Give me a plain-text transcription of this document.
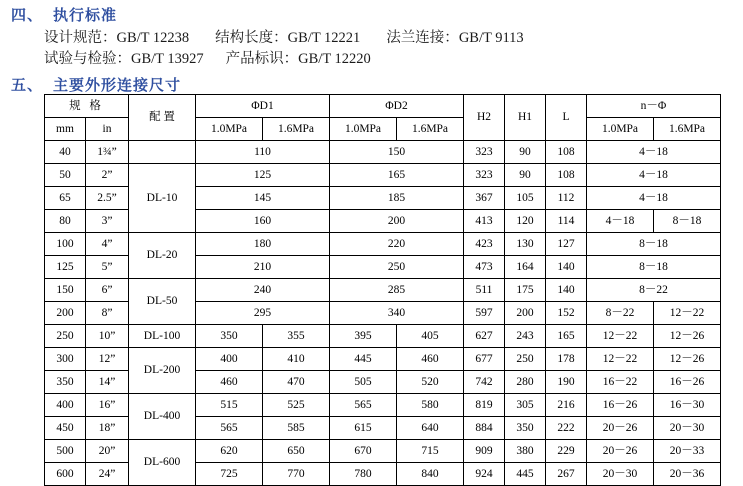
四、 执行标准
设计规范：GB/T 12238 结构长度：GB/T 12221 法兰连接：GB/T 9113
试验与检验：GB/T 13927 产品标识：GB/T 12220
五、 主要外形连接尺寸
规 格		配 置	ΦD1		ΦD2		H2	H1	L	n－Φ	
mm	in		1.0MPa	1.6MPa	1.0MPa	1.6MPa				1.0MPa	1.6MPa
40	1¾”		110		150		323	90	108	4－18	
50	2”	DL-10	125		165		323	90	108	4－18	
65	2.5”		145		185		367	105	112	4－18	
80	3”		160		200		413	120	114	4－18	8－18
100	4”	DL-20	180		220		423	130	127	8－18	
125	5”		210		250		473	164	140	8－18	
150	6”	DL-50	240		285		511	175	140	8－22	
200	8”		295		340		597	200	152	8－22	12－22
250	10”	DL-100	350	355	395	405	627	243	165	12－22	12－26
300	12”	DL-200	400	410	445	460	677	250	178	12－22	12－26
350	14”		460	470	505	520	742	280	190	16－22	16－26
400	16”	DL-400	515	525	565	580	819	305	216	16－26	16－30
450	18”		565	585	615	640	884	350	222	20－26	20－30
500	20”	DL-600	620	650	670	715	909	380	229	20－26	20－33
600	24”		725	770	780	840	924	445	267	20－30	20－36
